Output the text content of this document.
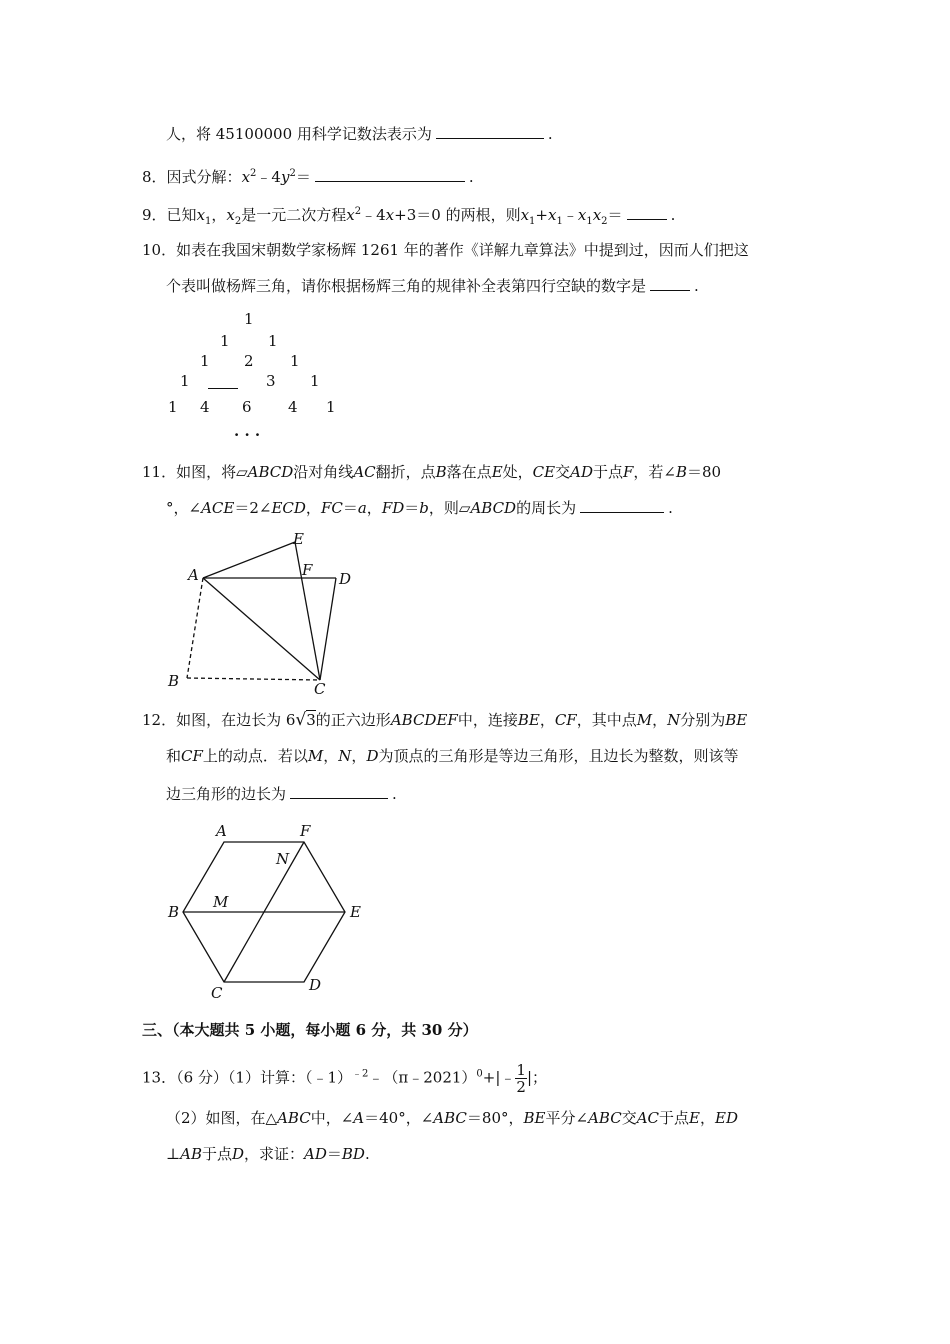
人，将 45100000 用科学记数法表示为	.
8．因式分解：$x^2﹣4y^2=$	.
9．已知$x_1$，$x_2$是一元二次方程$x^2﹣4x+3=0$ 的两根，则$x_1+x_1﹣x_1x_2=$	.
10．如表在我国宋朝数学家杨辉 1261 年的著作《详解九章算法》中提到过，因而人们把这
个表叫做杨辉三角，请你根据杨辉三角的规律补全表第四行空缺的数字是	.
1
1	1
1 2 1
1	3 1
1 4 6 4 1
· · ·
11．如图，将▱ABCD沿对角线AC翻折，点B落在点E处，CE交AD于点F，若∠B＝80
°，∠ACE＝2∠ECD，FC＝a，FD＝b，则▱ABCD的周长为	.
A
B	C
D
E
F
12．如图，在边长为 6√3的正六边形ABCDEF中，连接BE，CF，其中点M，N分别为BE
和CF上的动点．若以M，N，D为顶点的三角形是等边三角形，且边长为整数，则该等
边三角形的边长为	.
A	F
B	E
C	D
M
N
三、（本大题共 5 小题，每小题 6 分，共 30 分）
13．（6 分）（1）计算：（﹣1）$^{﹣2}$﹣（π﹣2021）$^0$+|﹣ $\frac{1}{2}$ |；
（2）如图，在△ABC中，∠A＝40°，∠ABC＝80°，BE平分∠ABC交AC于点E，ED
⊥AB于点D，求证：AD＝BD.
